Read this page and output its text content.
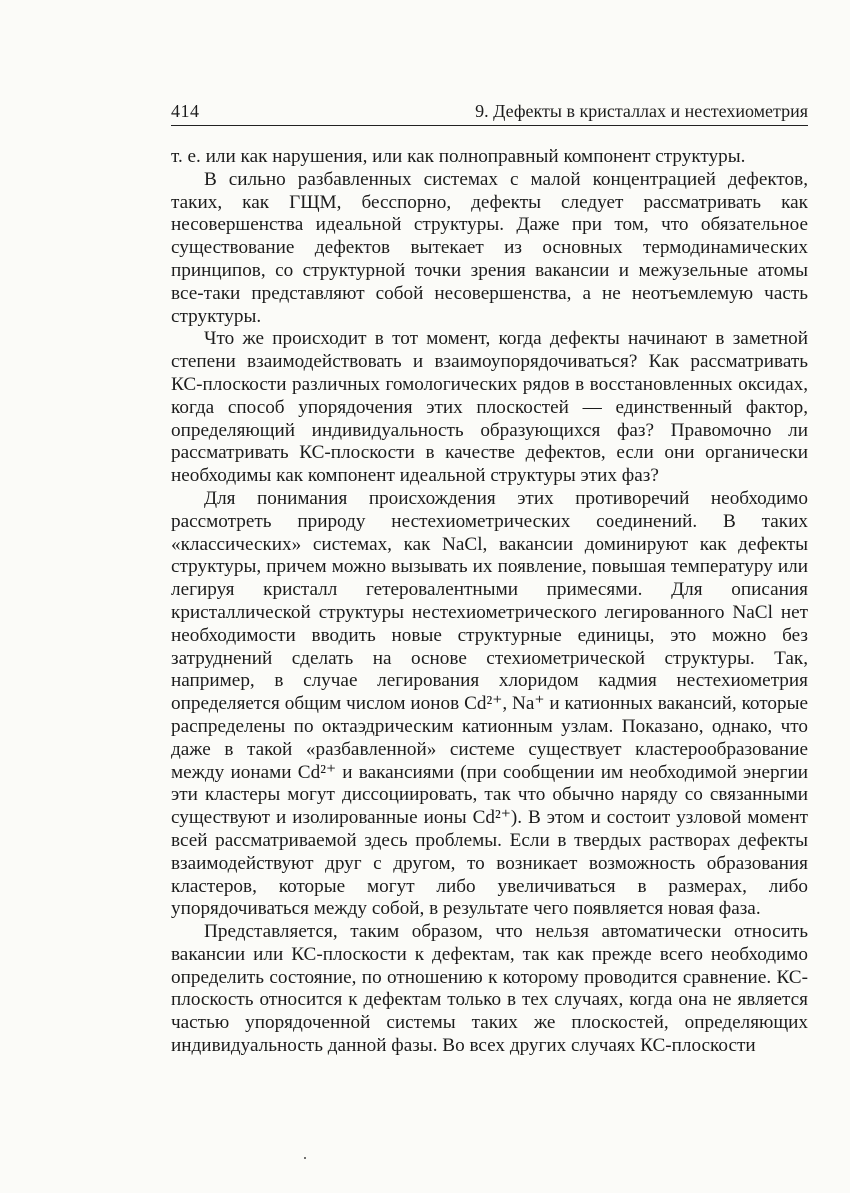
414	9. Дефекты в кристаллах и нестехиометрия

т. е. или как нарушения, или как полноправный компонент структуры.

В сильно разбавленных системах с малой концентрацией дефектов, таких, как ГЩМ, бесспорно, дефекты следует рассматривать как несовершенства идеальной структуры. Даже при том, что обязательное существование дефектов вытекает из основных термодинамических принципов, со структурной точки зрения вакансии и межузельные атомы все-таки представляют собой несовершенства, а не неотъемлемую часть структуры.

Что же происходит в тот момент, когда дефекты начинают в заметной степени взаимодействовать и взаимоупорядочиваться? Как рассматривать КС-плоскости различных гомологических рядов в восстановленных оксидах, когда способ упорядочения этих плоскостей — единственный фактор, определяющий индивидуальность образующихся фаз? Правомочно ли рассматривать КС-плоскости в качестве дефектов, если они органически необходимы как компонент идеальной структуры этих фаз?

Для понимания происхождения этих противоречий необходимо рассмотреть природу нестехиометрических соединений. В таких «классических» системах, как NaCl, вакансии доминируют как дефекты структуры, причем можно вызывать их появление, повышая температуру или легируя кристалл гетеровалентными примесями. Для описания кристаллической структуры нестехиометрического легированного NaCl нет необходимости вводить новые структурные единицы, это можно без затруднений сделать на основе стехиометрической структуры. Так, например, в случае легирования хлоридом кадмия нестехиометрия определяется общим числом ионов Cd²⁺, Na⁺ и катионных вакансий, которые распределены по октаэдрическим катионным узлам. Показано, однако, что даже в такой «разбавленной» системе существует кластерообразование между ионами Cd²⁺ и вакансиями (при сообщении им необходимой энергии эти кластеры могут диссоциировать, так что обычно наряду со связанными существуют и изолированные ионы Cd²⁺). В этом и состоит узловой момент всей рассматриваемой здесь проблемы. Если в твердых растворах дефекты взаимодействуют друг с другом, то возникает возможность образования кластеров, которые могут либо увеличиваться в размерах, либо упорядочиваться между собой, в результате чего появляется новая фаза.

Представляется, таким образом, что нельзя автоматически относить вакансии или КС-плоскости к дефектам, так как прежде всего необходимо определить состояние, по отношению к которому проводится сравнение. КС-плоскость относится к дефектам только в тех случаях, когда она не является частью упорядоченной системы таких же плоскостей, определяющих индивидуальность данной фазы. Во всех других случаях КС-плоскости
